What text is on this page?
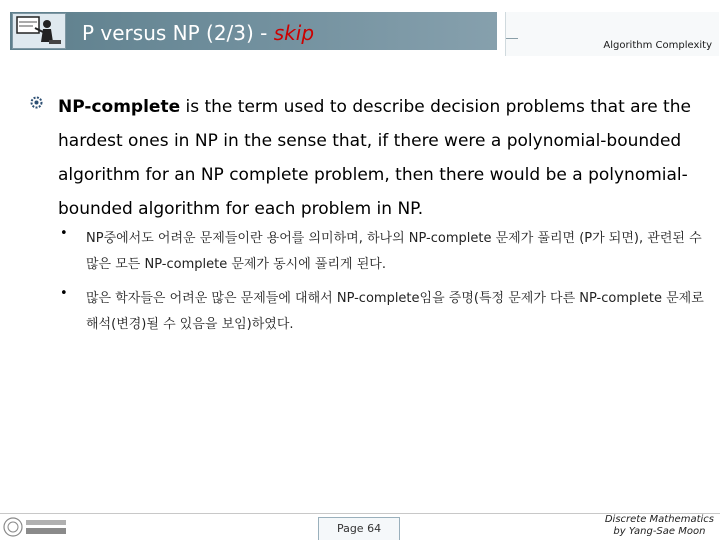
P versus NP (2/3) - skip
Algorithm Complexity
NP-complete is the term used to describe decision problems that are the hardest ones in NP in the sense that, if there were a polynomial-bounded algorithm for an NP complete problem, then there would be a polynomial-bounded algorithm for each problem in NP.
• NP중에서도 어려운 문제들이란 용어를 의미하며, 하나의 NP-complete 문제가 풀리면 (P가 되면), 관련된 수많은 모든 NP-complete 문제가 동시에 풀리게 된다.
• 많은 학자들은 어려운 많은 문제들에 대해서 NP-complete임을 증명(특정 문제가 다른 NP-complete 문제로 해석(변경)될 수 있음을 보임)하였다.
Page 64
Discrete Mathematics
by Yang-Sae Moon
